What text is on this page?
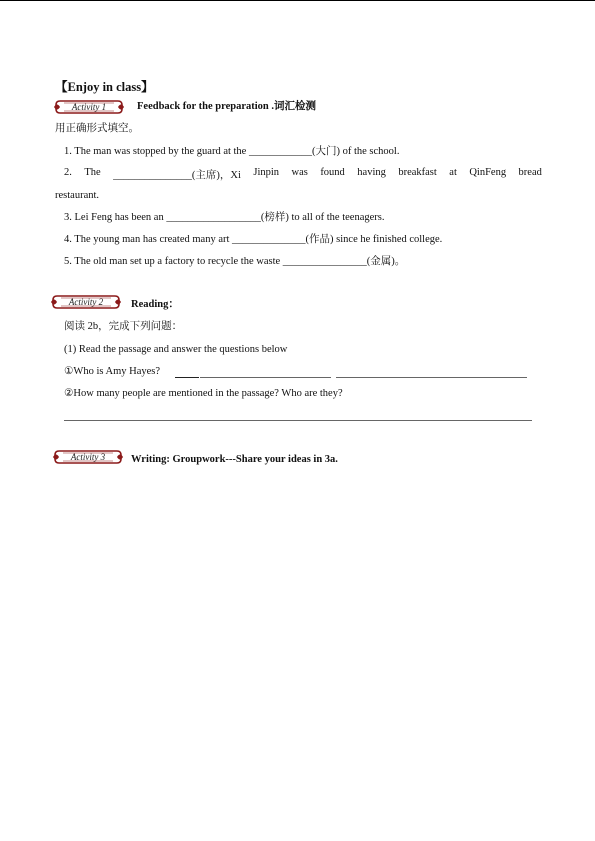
【Enjoy in class】
Activity 1	Feedback for the preparation .词汇检测
用正确形式填空。
1. The man was stopped by the guard at the ____________(大门) of the school.
2. The _______________(主席)，Xi Jinpin was found having breakfast at QinFeng bread
restaurant.
3. Lei Feng has been an __________________(榜样) to all of the teenagers.
4. The young man has created many art ______________(作品) since he finished college.
5. The old man set up a factory to recycle the waste ________________(金属)。
Activity 2	Reading：
阅读 2b，完成下列问题：
(1) Read the passage and answer the questions below
①Who is Amy Hayes?
②How many people are mentioned in the passage? Who are they?
Activity 3	Writing: Groupwork---Share your ideas in 3a.
